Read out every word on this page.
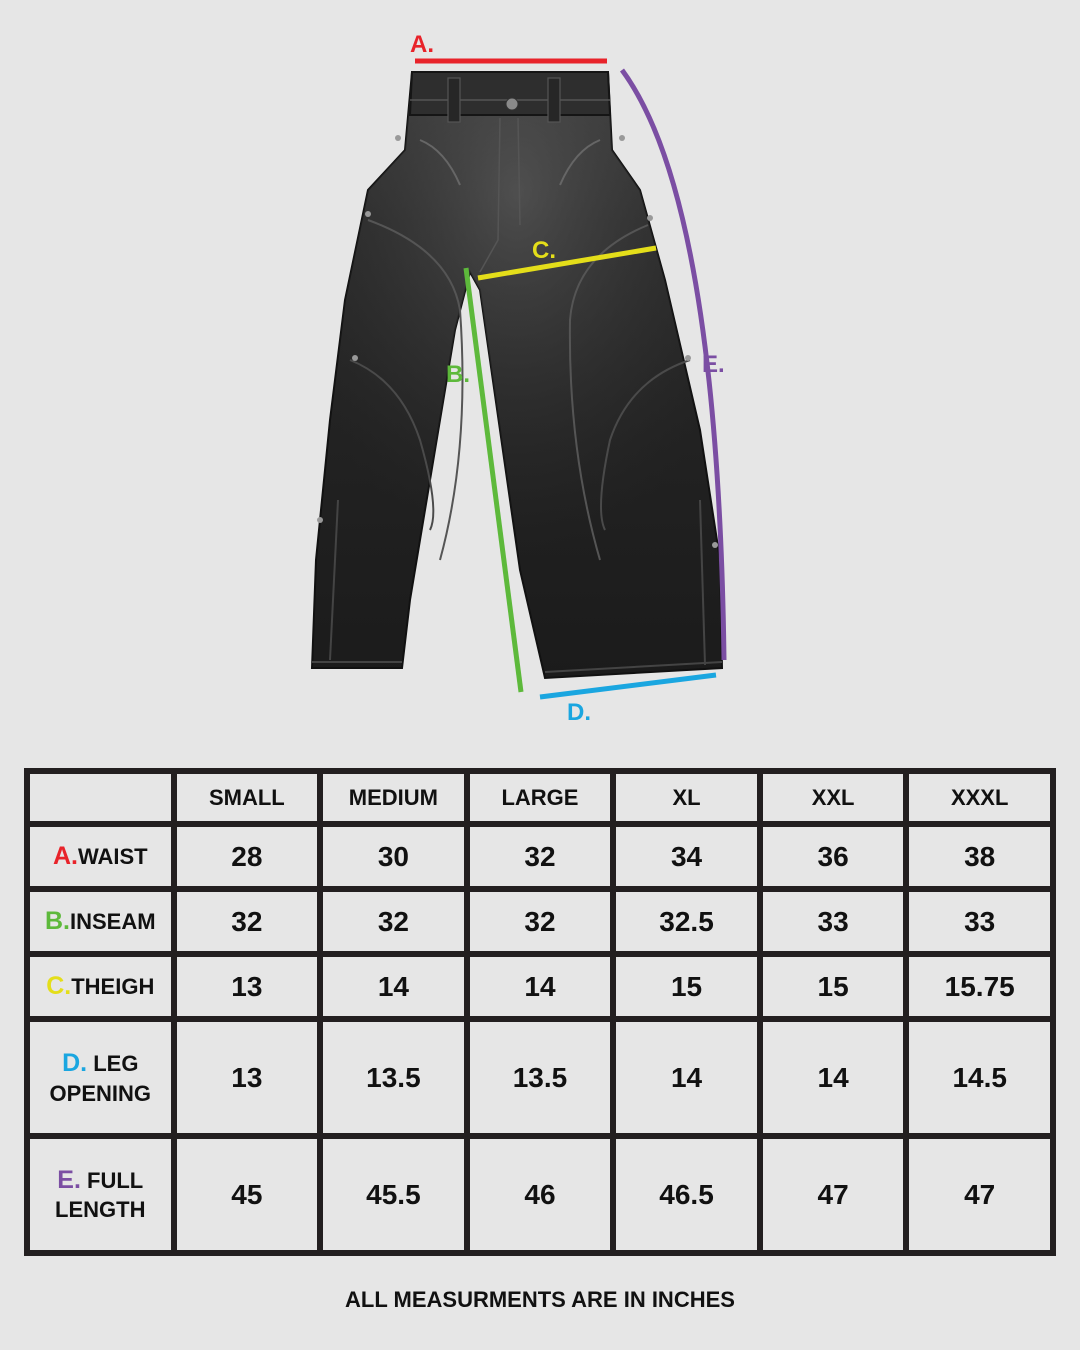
A.
B.
C.
D.
E.
	SMALL	MEDIUM	LARGE	XL	XXL	XXXL
A.WAIST	28	30	32	34	36	38
B.INSEAM	32	32	32	32.5	33	33
C.THEIGH	13	14	14	15	15	15.75
D. LEG
OPENING	13	13.5	13.5	14	14	14.5
E. FULL
LENGTH	45	45.5	46	46.5	47	47
ALL MEASURMENTS ARE IN INCHES
